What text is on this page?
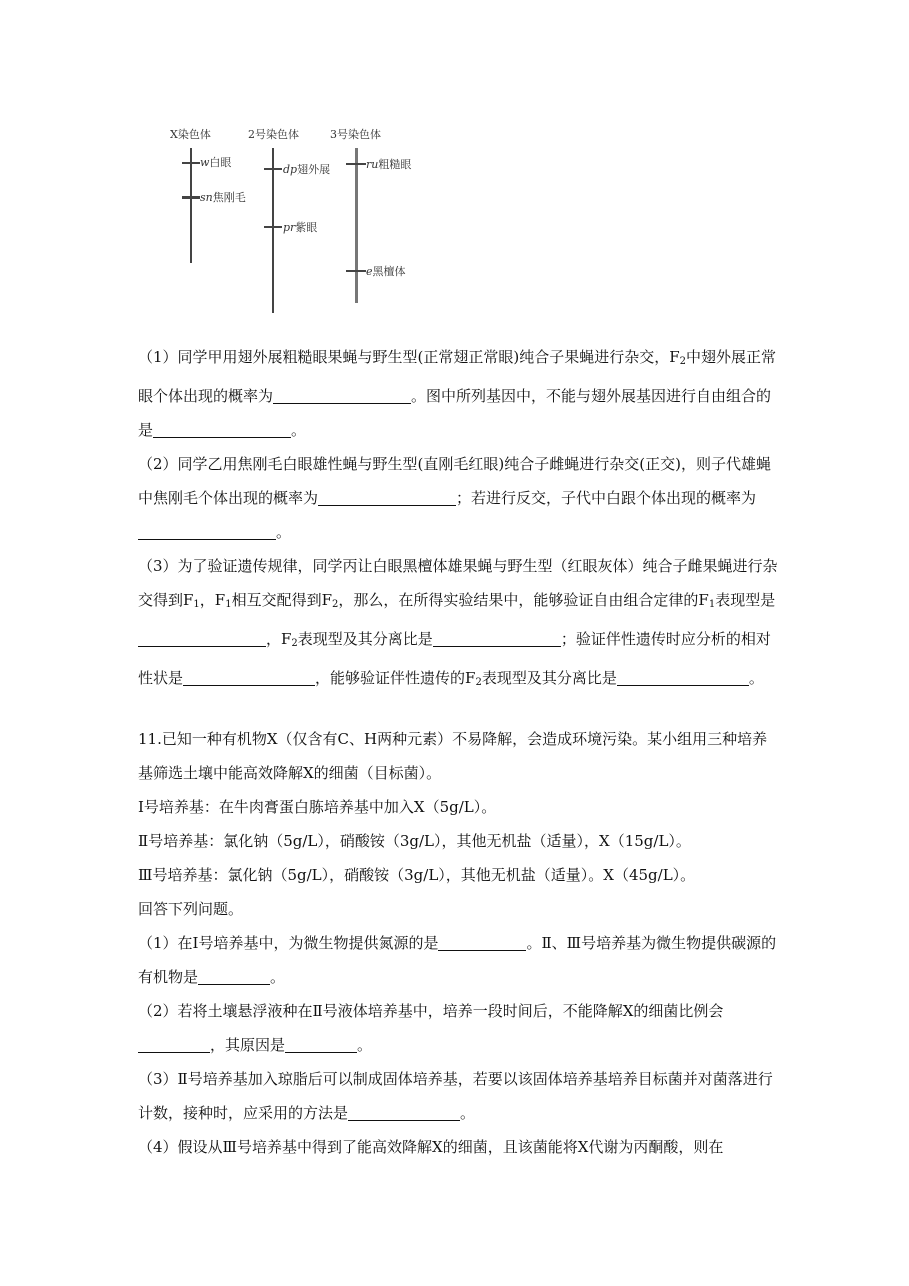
X染色体	2号染色体	3号染色体
w白眼
sn焦刚毛
dp翅外展
pr紫眼
ru粗糙眼
e黑檀体

（1）同学甲用翅外展粗糙眼果蝇与野生型(正常翅正常眼)纯合子果蝇进行杂交，$F_2$中翅外展正常眼个体出现的概率为	。图中所列基因中，不能与翅外展基因进行自由组合的是	。

（2）同学乙用焦刚毛白眼雄性蝇与野生型(直刚毛红眼)纯合子雌蝇进行杂交(正交)，则子代雄蝇中焦刚毛个体出现的概率为	；若进行反交，子代中白跟个体出现的概率为。

（3）为了验证遗传规律，同学丙让白眼黑檀体雄果蝇与野生型（红眼灰体）纯合子雌果蝇进行杂交得到$F_1$，$F_1$相互交配得到$F_2$，那么，在所得实验结果中，能够验证自由组合定律的$F_1$表现型是，$F_2$表现型及其分离比是	；验证伴性遗传时应分析的相对性状是	，能够验证伴性遗传的$F_2$表现型及其分离比是	。

11.已知一种有机物X（仅含有C、H两种元素）不易降解，会造成环境污染。某小组用三种培养基筛选土壤中能高效降解X的细菌（目标菌）。

Ⅰ号培养基：在牛肉膏蛋白胨培养基中加入X（5g/L）。

Ⅱ号培养基：氯化钠（5g/L），硝酸铵（3g/L），其他无机盐（适量），X（15g/L）。

Ⅲ号培养基：氯化钠（5g/L），硝酸铵（3g/L），其他无机盐（适量）。X（45g/L）。

回答下列问题。

（1）在Ⅰ号培养基中，为微生物提供氮源的是	。Ⅱ、Ⅲ号培养基为微生物提供碳源的有机物是	。

（2）若将土壤悬浮液种在Ⅱ号液体培养基中，培养一段时间后，不能降解X的细菌比例会，其原因是	。

（3）Ⅱ号培养基加入琼脂后可以制成固体培养基，若要以该固体培养基培养目标菌并对菌落进行计数，接种时，应采用的方法是	。

（4）假设从Ⅲ号培养基中得到了能高效降解X的细菌，且该菌能将X代谢为丙酮酸，则在
